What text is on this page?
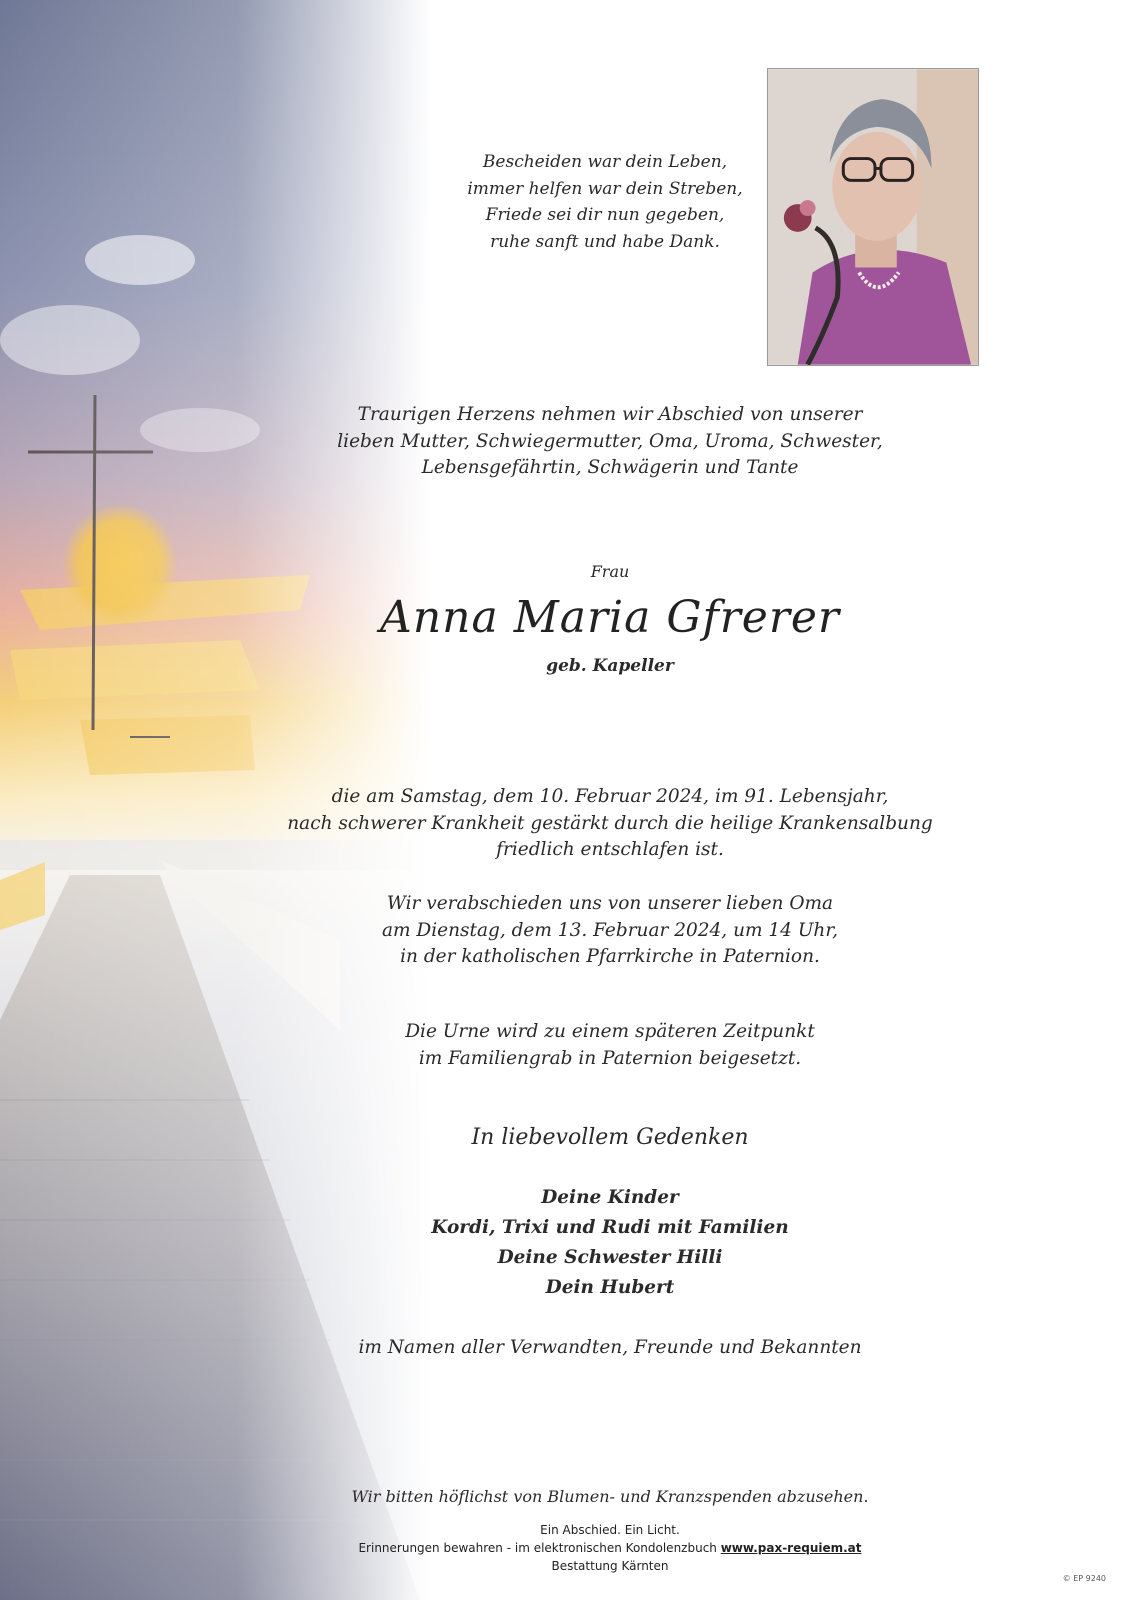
Bescheiden war dein Leben,
immer helfen war dein Streben,
Friede sei dir nun gegeben,
ruhe sanft und habe Dank.
Traurigen Herzens nehmen wir Abschied von unserer
lieben Mutter, Schwiegermutter, Oma, Uroma, Schwester,
Lebensgefährtin, Schwägerin und Tante
Frau
Anna Maria Gfrerer
geb. Kapeller
die am Samstag, dem 10. Februar 2024, im 91. Lebensjahr,
nach schwerer Krankheit gestärkt durch die heilige Krankensalbung
friedlich entschlafen ist.
Wir verabschieden uns von unserer lieben Oma
am Dienstag, dem 13. Februar 2024, um 14 Uhr,
in der katholischen Pfarrkirche in Paternion.
Die Urne wird zu einem späteren Zeitpunkt
im Familiengrab in Paternion beigesetzt.
In liebevollem Gedenken
Deine Kinder
Kordi, Trixi und Rudi mit Familien
Deine Schwester Hilli
Dein Hubert
im Namen aller Verwandten, Freunde und Bekannten
Wir bitten höflichst von Blumen- und Kranzspenden abzusehen.
Ein Abschied. Ein Licht.
Erinnerungen bewahren - im elektronischen Kondolenzbuch www.pax-requiem.at
Bestattung Kärnten
© EP 9240
